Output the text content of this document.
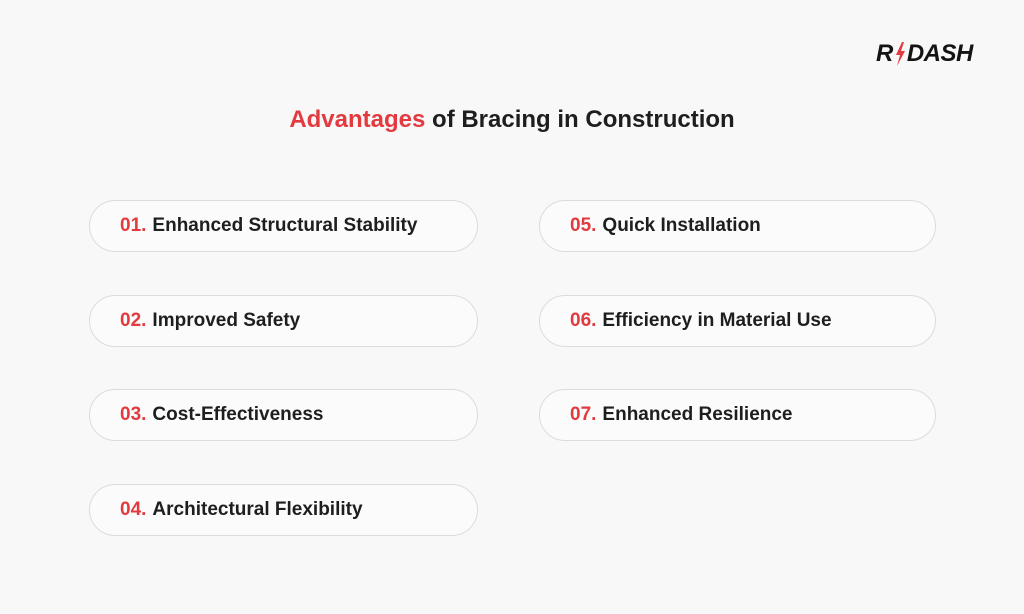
R DASH
Advantages of Bracing in Construction
01. Enhanced Structural Stability
02. Improved Safety
03. Cost-Effectiveness
04. Architectural Flexibility
05. Quick Installation
06. Efficiency in Material Use
07. Enhanced Resilience
